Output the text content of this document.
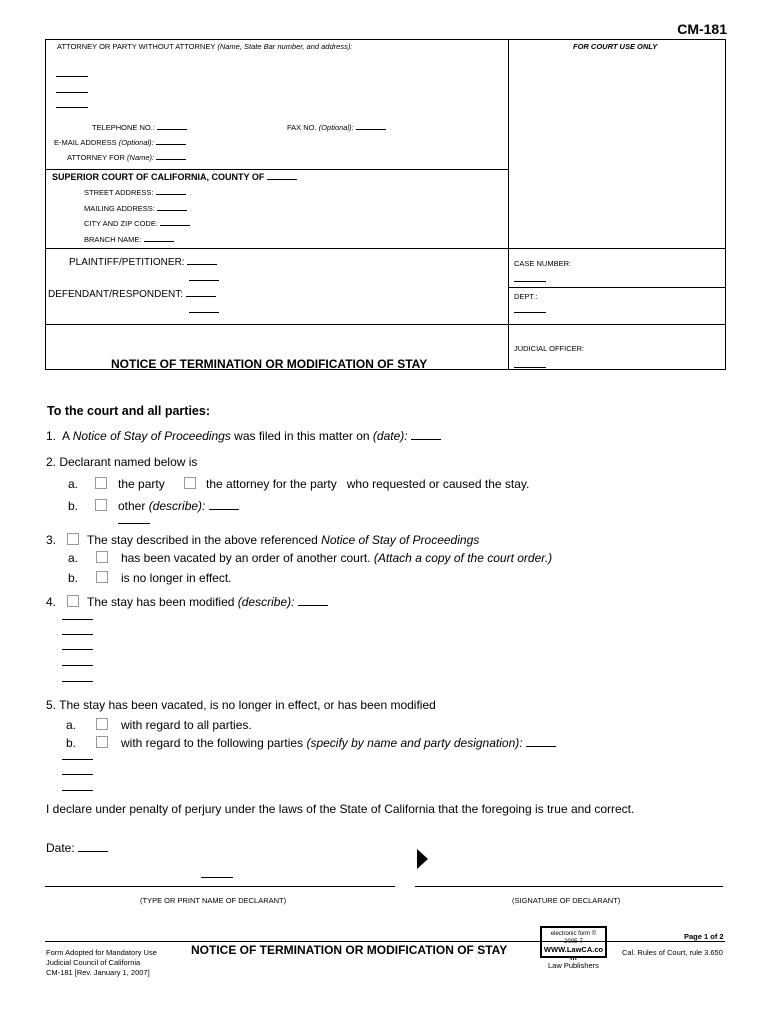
CM-181
ATTORNEY OR PARTY WITHOUT ATTORNEY (Name, State Bar number, and address):	FOR COURT USE ONLY
TELEPHONE NO.:	FAX NO. (Optional):
E-MAIL ADDRESS (Optional):
ATTORNEY FOR (Name):
SUPERIOR COURT OF CALIFORNIA, COUNTY OF
STREET ADDRESS:
MAILING ADDRESS:
CITY AND ZIP CODE:
BRANCH NAME:
PLAINTIFF/PETITIONER:
DEFENDANT/RESPONDENT:
CASE NUMBER:
DEPT.:
JUDICIAL OFFICER:
NOTICE OF TERMINATION OR MODIFICATION OF STAY
To the court and all parties:
1. A Notice of Stay of Proceedings was filed in this matter on (date):
2. Declarant named below is
a.	the party	the attorney for the party who requested or caused the stay.
b.	other (describe):
3.	The stay described in the above referenced Notice of Stay of Proceedings
a.	has been vacated by an order of another court. (Attach a copy of the court order.)
b.	is no longer in effect.
4.	The stay has been modified (describe):
5. The stay has been vacated, is no longer in effect, or has been modified
a.	with regard to all parties.
b.	with regard to the following parties (specify by name and party designation):
I declare under penalty of perjury under the laws of the State of California that the foregoing is true and correct.
Date:
(TYPE OR PRINT NAME OF DECLARANT)	(SIGNATURE OF DECLARANT)
Page 1 of 2
Form Adopted for Mandatory Use
Judicial Council of California
CM-181 [Rev. January 1, 2007]
NOTICE OF TERMINATION OR MODIFICATION OF STAY
electronic form ©
2005-7
WWW.LawCA.co
m
Law Publishers
Cal. Rules of Court, rule 3.650
